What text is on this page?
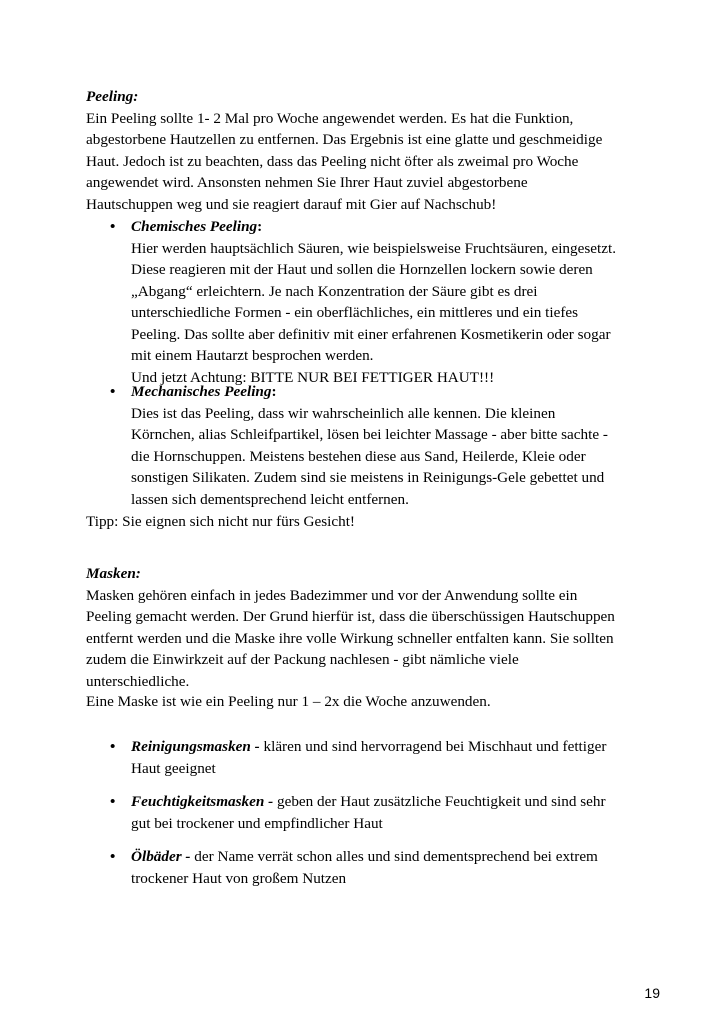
Peeling:

Ein Peeling sollte 1- 2 Mal pro Woche angewendet werden. Es hat die Funktion,

abgestorbene Hautzellen zu entfernen. Das Ergebnis ist eine glatte und geschmeidige

Haut. Jedoch ist zu beachten, dass das Peeling nicht öfter als zweimal pro Woche

angewendet wird. Ansonsten nehmen Sie Ihrer Haut zuviel abgestorbene

Hautschuppen weg und sie reagiert darauf mit Gier auf Nachschub!

• Chemisches Peeling:

Hier werden hauptsächlich Säuren, wie beispielsweise Fruchtsäuren, eingesetzt.

Diese reagieren mit der Haut und sollen die Hornzellen lockern sowie deren

„Abgang“ erleichtern. Je nach Konzentration der Säure gibt es drei

unterschiedliche Formen - ein oberflächliches, ein mittleres und ein tiefes

Peeling. Das sollte aber definitiv mit einer erfahrenen Kosmetikerin oder sogar

mit einem Hautarzt besprochen werden.

Und jetzt Achtung: BITTE NUR BEI FETTIGER HAUT!!!

• Mechanisches Peeling:

Dies ist das Peeling, dass wir wahrscheinlich alle kennen. Die kleinen

Körnchen, alias Schleifpartikel, lösen bei leichter Massage - aber bitte sachte -

die Hornschuppen. Meistens bestehen diese aus Sand, Heilerde, Kleie oder

sonstigen Silikaten. Zudem sind sie meistens in Reinigungs-Gele gebettet und

lassen sich dementsprechend leicht entfernen.

Tipp: Sie eignen sich nicht nur fürs Gesicht!

Masken:

Masken gehören einfach in jedes Badezimmer und vor der Anwendung sollte ein

Peeling gemacht werden. Der Grund hierfür ist, dass die überschüssigen Hautschuppen

entfernt werden und die Maske ihre volle Wirkung schneller entfalten kann. Sie sollten

zudem die Einwirkzeit auf der Packung nachlesen - gibt nämliche viele

unterschiedliche.

Eine Maske ist wie ein Peeling nur 1 – 2x die Woche anzuwenden.

• Reinigungsmasken - klären und sind hervorragend bei Mischhaut und fettiger

Haut geeignet

• Feuchtigkeitsmasken - geben der Haut zusätzliche Feuchtigkeit und sind sehr

gut bei trockener und empfindlicher Haut

• Ölbäder - der Name verrät schon alles und sind dementsprechend bei extrem

trockener Haut von großem Nutzen

19
